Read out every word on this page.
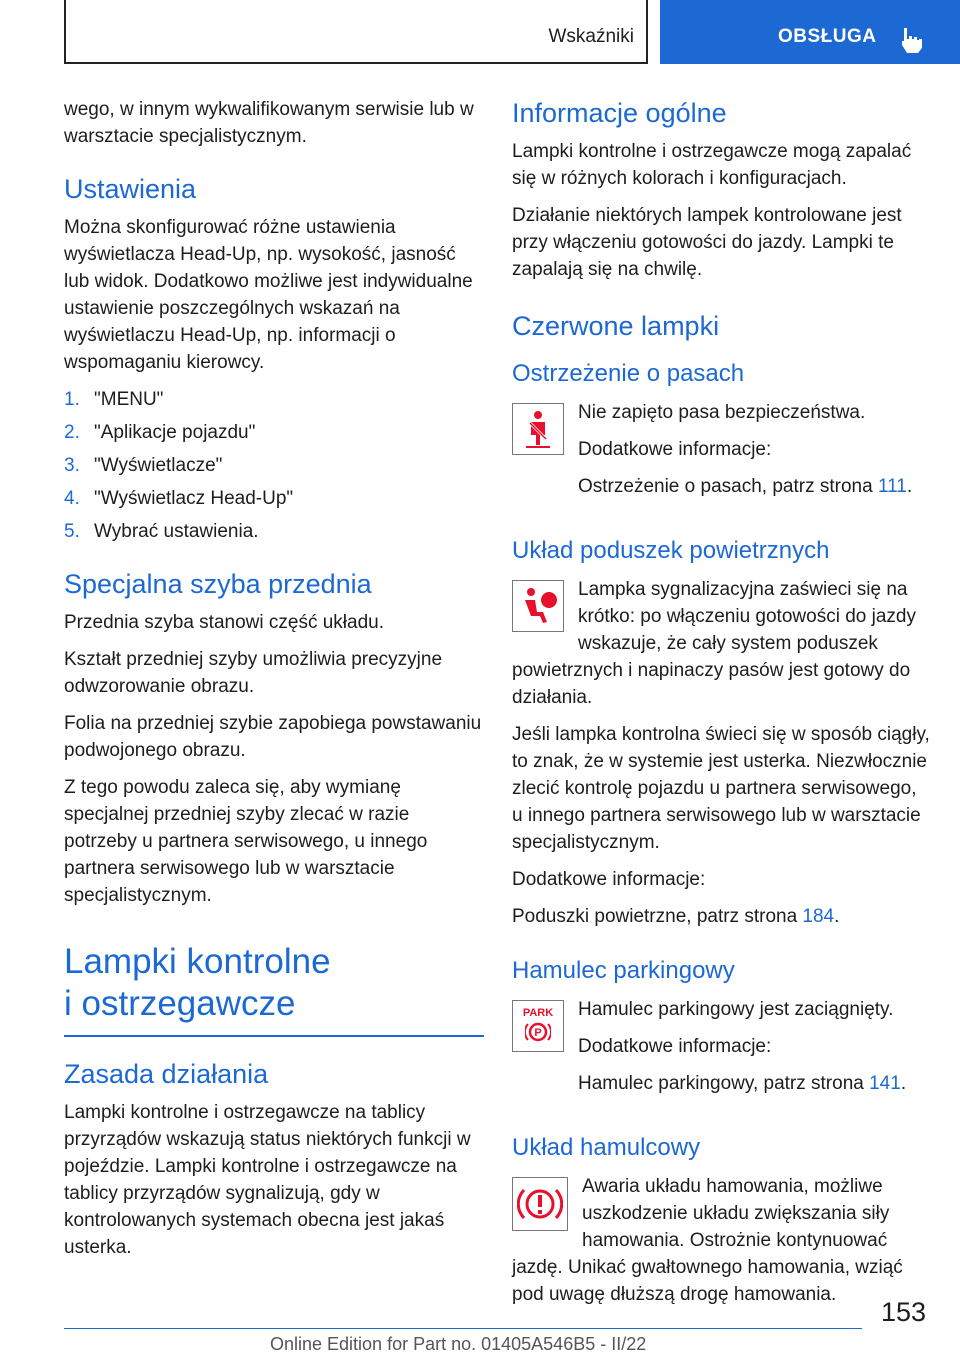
Wskaźniki	OBSŁUGA

wego, w innym wykwalifikowanym serwisie lub w warsztacie specjalistycznym.

Ustawienia

Można skonfigurować różne ustawienia wyświetlacza Head-Up, np. wysokość, jasność lub widok. Dodatkowo możliwe jest indywidualne ustawienie poszczególnych wskazań na wyświetlaczu Head-Up, np. informacji o wspomaganiu kierowcy.

1. "MENU"
2. "Aplikacje pojazdu"
3. "Wyświetlacze"
4. "Wyświetlacz Head-Up"
5. Wybrać ustawienia.
Specjalna szyba przednia

Przednia szyba stanowi część układu.

Kształt przedniej szyby umożliwia precyzyjne odwzorowanie obrazu.

Folia na przedniej szybie zapobiega powstawaniu podwojonego obrazu.

Z tego powodu zaleca się, aby wymianę specjalnej przedniej szyby zlecać w razie potrzeby u partnera serwisowego, u innego partnera serwisowego lub w warsztacie specjalistycznym.

Lampki kontrolne
i ostrzegawcze
Zasada działania

Lampki kontrolne i ostrzegawcze na tablicy przyrządów wskazują status niektórych funkcji w pojeździe. Lampki kontrolne i ostrzegawcze na tablicy przyrządów sygnalizują, gdy w kontrolowanych systemach obecna jest jakaś usterka.

Informacje ogólne

Lampki kontrolne i ostrzegawcze mogą zapalać się w różnych kolorach i konfiguracjach.

Działanie niektórych lampek kontrolowane jest przy włączeniu gotowości do jazdy. Lampki te zapalają się na chwilę.

Czerwone lampki
Ostrzeżenie o pasach

Nie zapięto pasa bezpieczeństwa.

Dodatkowe informacje:

Ostrzeżenie o pasach, patrz strona 111.

Układ poduszek powietrznych

Lampka sygnalizacyjna zaświeci się na krótko: po włączeniu gotowości do jazdy wskazuje, że cały system poduszek powietrznych i napinaczy pasów jest gotowy do działania.

Jeśli lampka kontrolna świeci się w sposób ciągły, to znak, że w systemie jest usterka. Niezwłocznie zlecić kontrolę pojazdu u partnera serwisowego, u innego partnera serwisowego lub w warsztacie specjalistycznym.

Dodatkowe informacje:

Poduszki powietrzne, patrz strona 184.

Hamulec parkingowy
PARK
P

Hamulec parkingowy jest zaciągnięty.

Dodatkowe informacje:

Hamulec parkingowy, patrz strona 141.

Układ hamulcowy

Awaria układu hamowania, możliwe uszkodzenie układu zwiększania siły hamowania. Ostrożnie kontynuować jazdę. Unikać gwałtownego hamowania, wziąć pod uwagę dłuższą drogę hamowania.

153
Online Edition for Part no. 01405A546B5 - II/22
